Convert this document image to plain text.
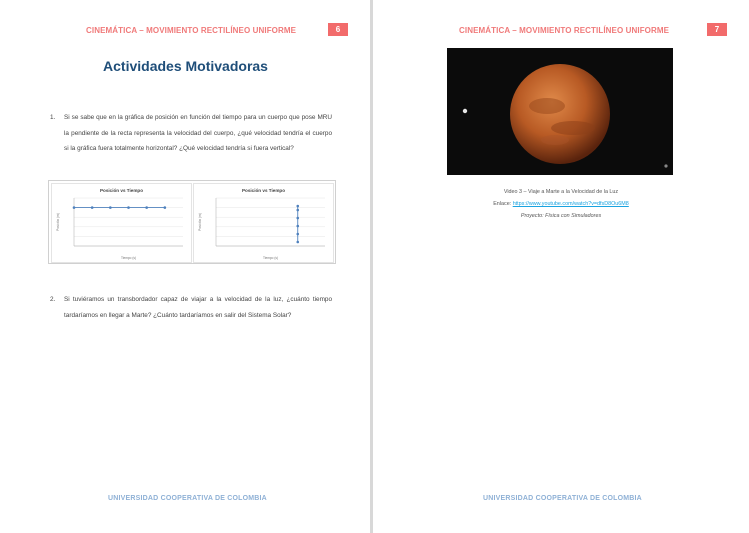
CINEMÁTICA – MOVIMIENTO RECTILÍNEO UNIFORME	6
Actividades Motivadoras
1. Si se sabe que en la gráfica de posición en función del tiempo para un cuerpo que pose MRU la pendiente de la recta representa la velocidad del cuerpo, ¿qué velocidad tendría el cuerpo si la gráfica fuera totalmente horizontal? ¿Qué velocidad tendría si fuera vertical?
Posición vs Tiempo
Posición (m)
Tiempo (s)
Posición vs Tiempo
Posición (m)
Tiempo (s)
2. Si tuviéramos un transbordador capaz de viajar a la velocidad de la luz, ¿cuánto tiempo tardaríamos en llegar a Marte? ¿Cuánto tardaríamos en salir del Sistema Solar?
UNIVERSIDAD COOPERATIVA DE COLOMBIA
CINEMÁTICA – MOVIMIENTO RECTILÍNEO UNIFORME	7
Video 3 – Viaje a Marte a la Velocidad de la Luz
Enlace: https://www.youtube.com/watch?v=dfsD8Ou6M8
Proyecto: Física con Simuladores
UNIVERSIDAD COOPERATIVA DE COLOMBIA
